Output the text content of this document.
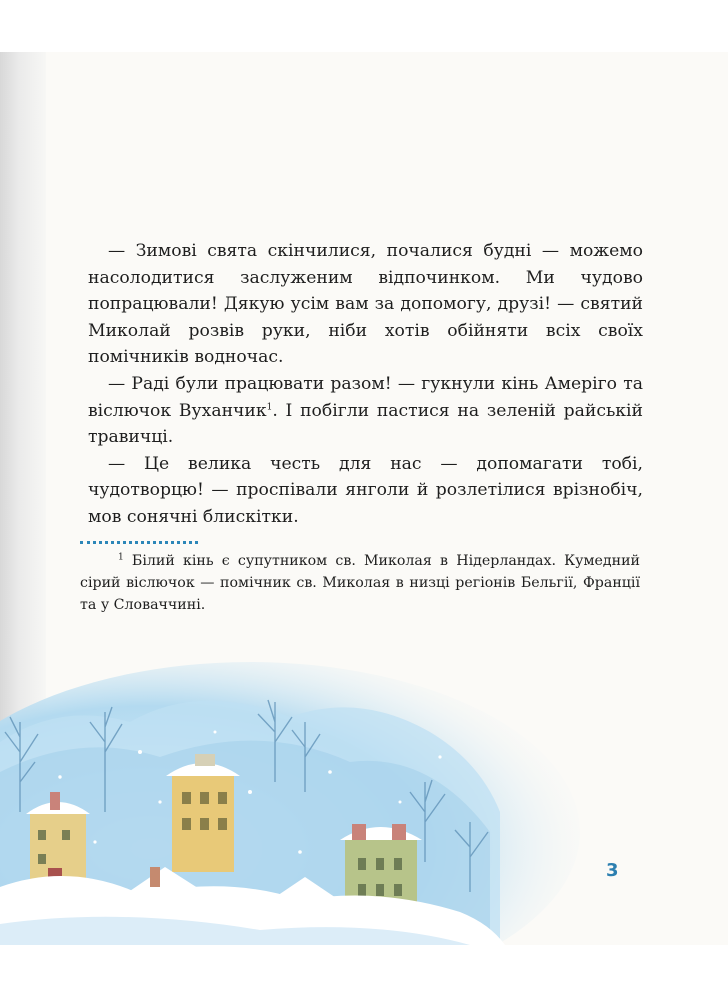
— Зимові свята скінчилися, почалися будні — можемо насолодитися заслуженим відпочинком. Ми чудово попрацювали! Дякую усім вам за допомогу, друзі! — святий Миколай розвів руки, ніби хотів обійняти всіх своїх помічників водночас.

— Раді були працювати разом! — гукнули кінь Амеріго та віслючок Вуханчик$^1$. І побігли пастися на зеленій райській травичці.

— Це велика честь для нас — допомагати тобі, чудотворцю! — проспівали янголи й розлетілися врізнобіч, мов сонячні блискітки.

$^1$ Білий кінь є супутником св. Миколая в Нідерландах. Кумедний сірий віслючок — помічник св. Миколая в низці регіонів Бельгії, Франції та у Словаччині.

3
